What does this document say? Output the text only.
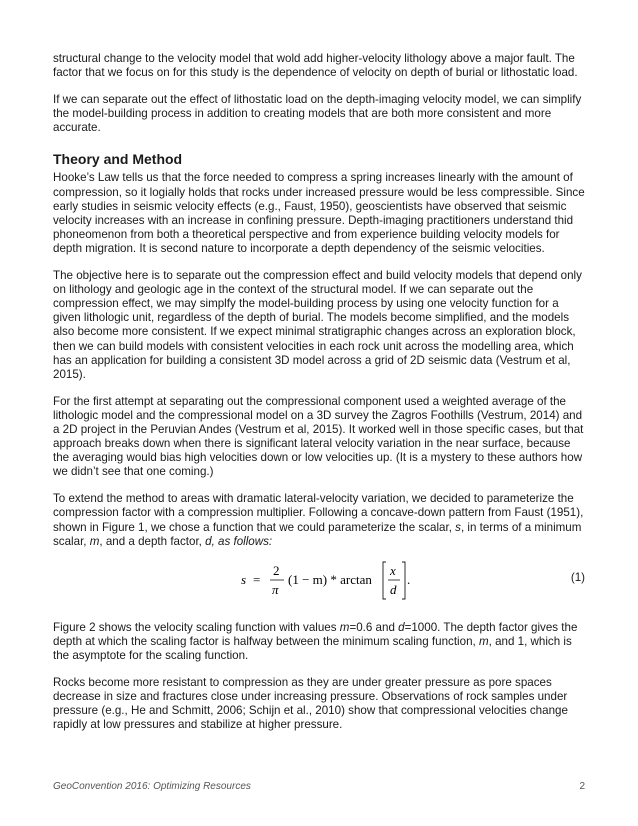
structural change to the velocity model that wold add higher-velocity lithology above a major fault. The factor that we focus on for this study is the dependence of velocity on depth of burial or lithostatic load.

If we can separate out the effect of lithostatic load on the depth-imaging velocity model, we can simplify the model-building process in addition to creating models that are both more consistent and more accurate.

Theory and Method

Hooke’s Law tells us that the force needed to compress a spring increases linearly with the amount of compression, so it logially holds that rocks under increased pressure would be less compressible. Since early studies in seismic velocity effects (e.g., Faust, 1950), geoscientists have observed that seismic velocity increases with an increase in confining pressure. Depth-imaging practitioners understand thid phoneomenon from both a theoretical perspective and from experience building velocity models for depth migration. It is second nature to incorporate a depth dependency of the seismic velocities.

The objective here is to separate out the compression effect and build velocity models that depend only on lithology and geologic age in the context of the structural model. If we can separate out the compression effect, we may simplfy the model-building process by using one velocity function for a given lithologic unit, regardless of the depth of burial. The models become simplified, and the models also become more consistent. If we expect minimal stratigraphic changes across an exploration block, then we can build models with consistent velocities in each rock unit across the modelling area, which has an application for building a consistent 3D model across a grid of 2D seismic data (Vestrum et al, 2015).

For the first attempt at separating out the compressional component used a weighted average of the lithologic model and the compressional model on a 3D survey the Zagros Foothills (Vestrum, 2014) and a 2D project in the Peruvian Andes (Vestrum et al, 2015). It worked well in those specific cases, but that approach breaks down when there is significant lateral velocity variation in the near surface, because the averaging would bias high velocities down or low velocities up. (It is a mystery to these authors how we didn’t see that one coming.)

To extend the method to areas with dramatic lateral-velocity variation, we decided to parameterize the compression factor with a compression multiplier. Following a concave-down pattern from Faust (1951), shown in Figure 1, we chose a function that we could parameterize the scalar, s, in terms of a minimum scalar, m, and a depth factor, d, as follows:

s =
2
π
(1 − m) * arctan
x
d
.	(1)

Figure 2 shows the velocity scaling function with values m=0.6 and d=1000. The depth factor gives the depth at which the scaling factor is halfway between the minimum scaling function, m, and 1, which is the asymptote for the scaling function.

Rocks become more resistant to compression as they are under greater pressure as pore spaces decrease in size and fractures close under increasing pressure. Observations of rock samples under pressure (e.g., He and Schmitt, 2006; Schijn et al., 2010) show that compressional velocities change rapidly at low pressures and stabilize at higher pressure.

GeoConvention 2016: Optimizing Resources	2
